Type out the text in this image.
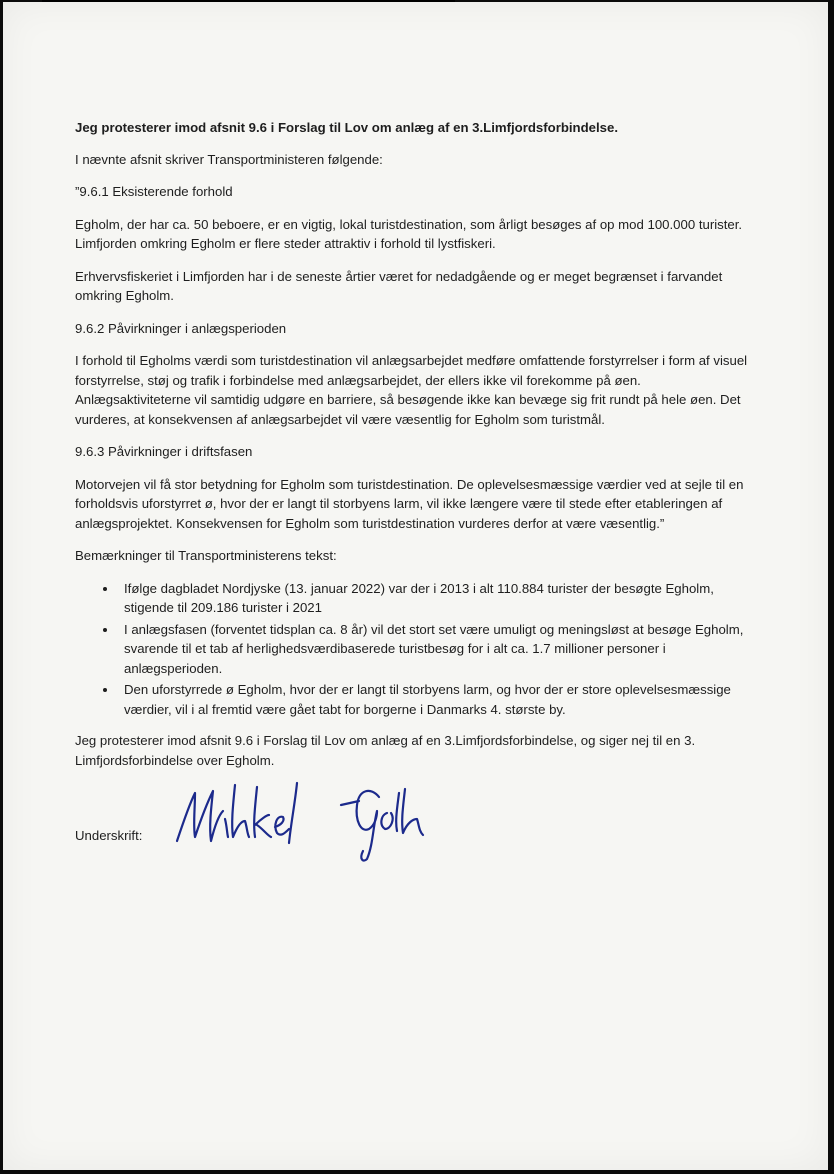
Jeg protesterer imod afsnit 9.6 i Forslag til Lov om anlæg af en 3.Limfjordsforbindelse.

I nævnte afsnit skriver Transportministeren følgende:

”9.6.1 Eksisterende forhold

Egholm, der har ca. 50 beboere, er en vigtig, lokal turistdestination, som årligt besøges af op mod 100.000 turister. Limfjorden omkring Egholm er flere steder attraktiv i forhold til lystfiskeri.

Erhvervsfiskeriet i Limfjorden har i de seneste årtier været for nedadgående og er meget begrænset i farvandet omkring Egholm.

9.6.2 Påvirkninger i anlægsperioden

I forhold til Egholms værdi som turistdestination vil anlægsarbejdet medføre omfattende forstyrrelser i form af visuel forstyrrelse, støj og trafik i forbindelse med anlægsarbejdet, der ellers ikke vil forekomme på øen. Anlægsaktiviteterne vil samtidig udgøre en barriere, så besøgende ikke kan bevæge sig frit rundt på hele øen. Det vurderes, at konsekvensen af anlægsarbejdet vil være væsentlig for Egholm som turistmål.

9.6.3 Påvirkninger i driftsfasen

Motorvejen vil få stor betydning for Egholm som turistdestination. De oplevelsesmæssige værdier ved at sejle til en forholdsvis uforstyrret ø, hvor der er langt til storbyens larm, vil ikke længere være til stede efter etableringen af anlægsprojektet. Konsekvensen for Egholm som turistdestination vurderes derfor at være væsentlig.”

Bemærkninger til Transportministerens tekst:

• Ifølge dagbladet Nordjyske (13. januar 2022) var der i 2013 i alt 110.884 turister der besøgte Egholm, stigende til 209.186 turister i 2021
• I anlægsfasen (forventet tidsplan ca. 8 år) vil det stort set være umuligt og meningsløst at besøge Egholm, svarende til et tab af herlighedsværdibaserede turistbesøg for i alt ca. 1.7 millioner personer i anlægsperioden.
• Den uforstyrrede ø Egholm, hvor der er langt til storbyens larm, og hvor der er store oplevelsesmæssige værdier, vil i al fremtid være gået tabt for borgerne i Danmarks 4. største by.

Jeg protesterer imod afsnit 9.6 i Forslag til Lov om anlæg af en 3.Limfjordsforbindelse, og siger nej til en 3. Limfjordsforbindelse over Egholm.

Underskrift:
